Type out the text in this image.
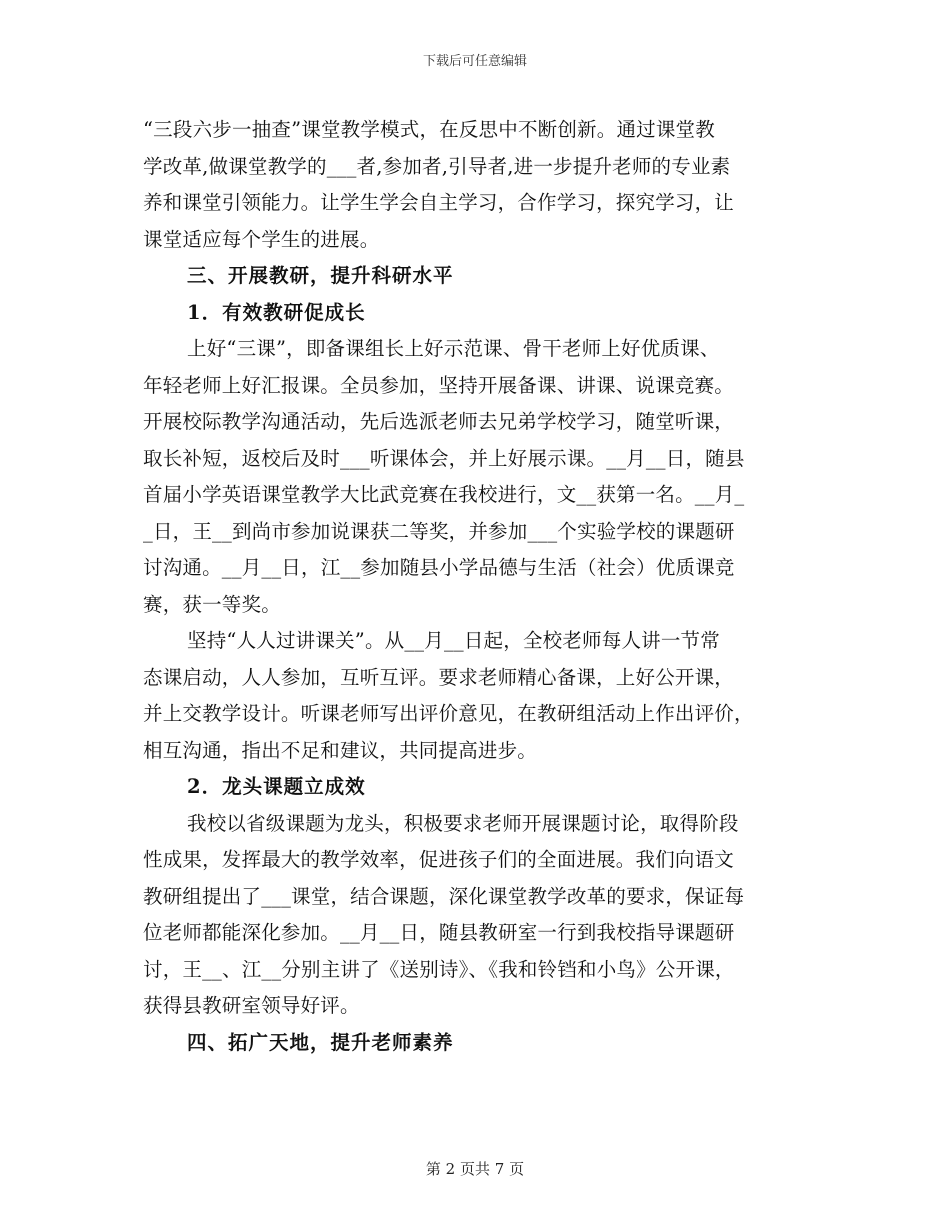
下载后可任意编辑
“三段六步一抽查”课堂教学模式，在反思中不断创新。通过课堂教
学改革,做课堂教学的___者,参加者,引导者,进一步提升老师的专业素
养和课堂引领能力。让学生学会自主学习，合作学习，探究学习，让
课堂适应每个学生的进展。
三、开展教研，提升科研水平
1．有效教研促成长
上好“三课”，即备课组长上好示范课、骨干老师上好优质课、
年轻老师上好汇报课。全员参加，坚持开展备课、讲课、说课竞赛。
开展校际教学沟通活动，先后选派老师去兄弟学校学习，随堂听课，
取长补短，返校后及时___听课体会，并上好展示课。__月__日，随县
首届小学英语课堂教学大比武竞赛在我校进行，文__获第一名。__月_
_日，王__到尚市参加说课获二等奖，并参加___个实验学校的课题研
讨沟通。__月__日，江__参加随县小学品德与生活（社会）优质课竞
赛，获一等奖。
坚持“人人过讲课关”。从__月__日起，全校老师每人讲一节常
态课启动，人人参加，互听互评。要求老师精心备课，上好公开课，
并上交教学设计。听课老师写出评价意见，在教研组活动上作出评价，
相互沟通，指出不足和建议，共同提高进步。
2．龙头课题立成效
我校以省级课题为龙头，积极要求老师开展课题讨论，取得阶段
性成果，发挥最大的教学效率，促进孩子们的全面进展。我们向语文
教研组提出了___课堂，结合课题，深化课堂教学改革的要求，保证每
位老师都能深化参加。__月__日，随县教研室一行到我校指导课题研
讨，王__、江__分别主讲了《送别诗》、《我和铃铛和小鸟》公开课，
获得县教研室领导好评。
四、拓广天地，提升老师素养
第 2 页共 7 页
